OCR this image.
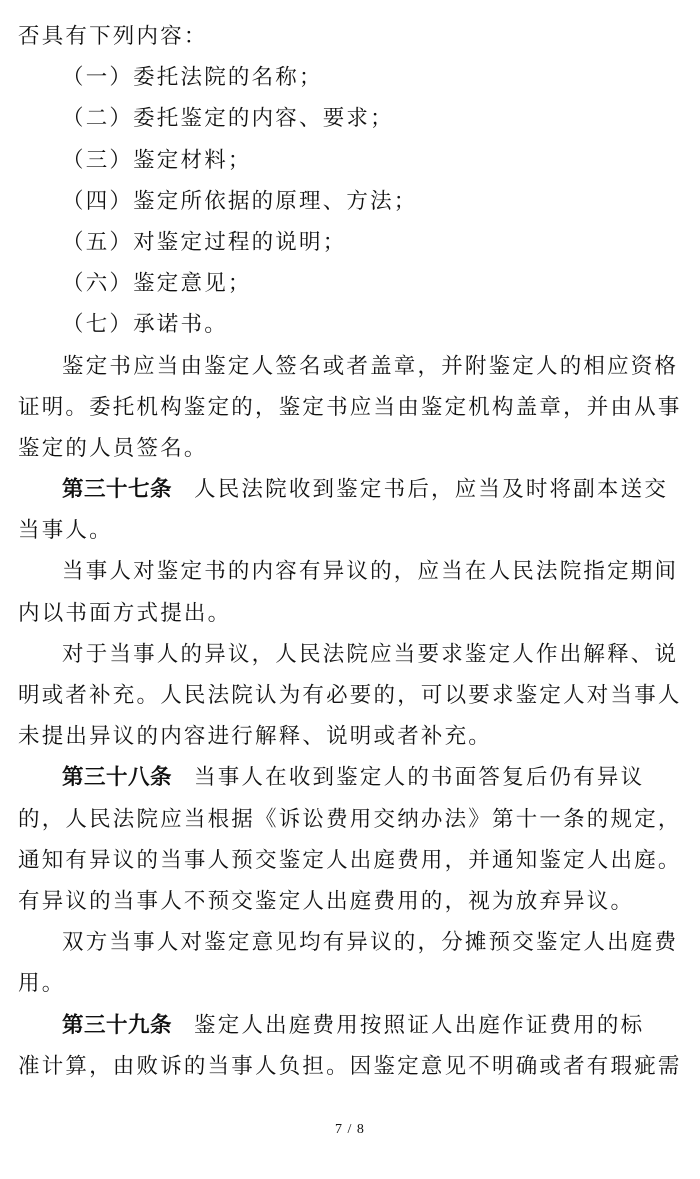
否具有下列内容：
（一）委托法院的名称；
（二）委托鉴定的内容、要求；
（三）鉴定材料；
（四）鉴定所依据的原理、方法；
（五）对鉴定过程的说明；
（六）鉴定意见；
（七）承诺书。
鉴定书应当由鉴定人签名或者盖章，并附鉴定人的相应资格
证明。委托机构鉴定的，鉴定书应当由鉴定机构盖章，并由从事
鉴定的人员签名。
第三十七条 人民法院收到鉴定书后，应当及时将副本送交
当事人。
当事人对鉴定书的内容有异议的，应当在人民法院指定期间
内以书面方式提出。
对于当事人的异议，人民法院应当要求鉴定人作出解释、说
明或者补充。人民法院认为有必要的，可以要求鉴定人对当事人
未提出异议的内容进行解释、说明或者补充。
第三十八条 当事人在收到鉴定人的书面答复后仍有异议
的，人民法院应当根据《诉讼费用交纳办法》第十一条的规定，
通知有异议的当事人预交鉴定人出庭费用，并通知鉴定人出庭。
有异议的当事人不预交鉴定人出庭费用的，视为放弃异议。
双方当事人对鉴定意见均有异议的，分摊预交鉴定人出庭费
用。
第三十九条 鉴定人出庭费用按照证人出庭作证费用的标
准计算，由败诉的当事人负担。因鉴定意见不明确或者有瑕疵需
7 / 8
